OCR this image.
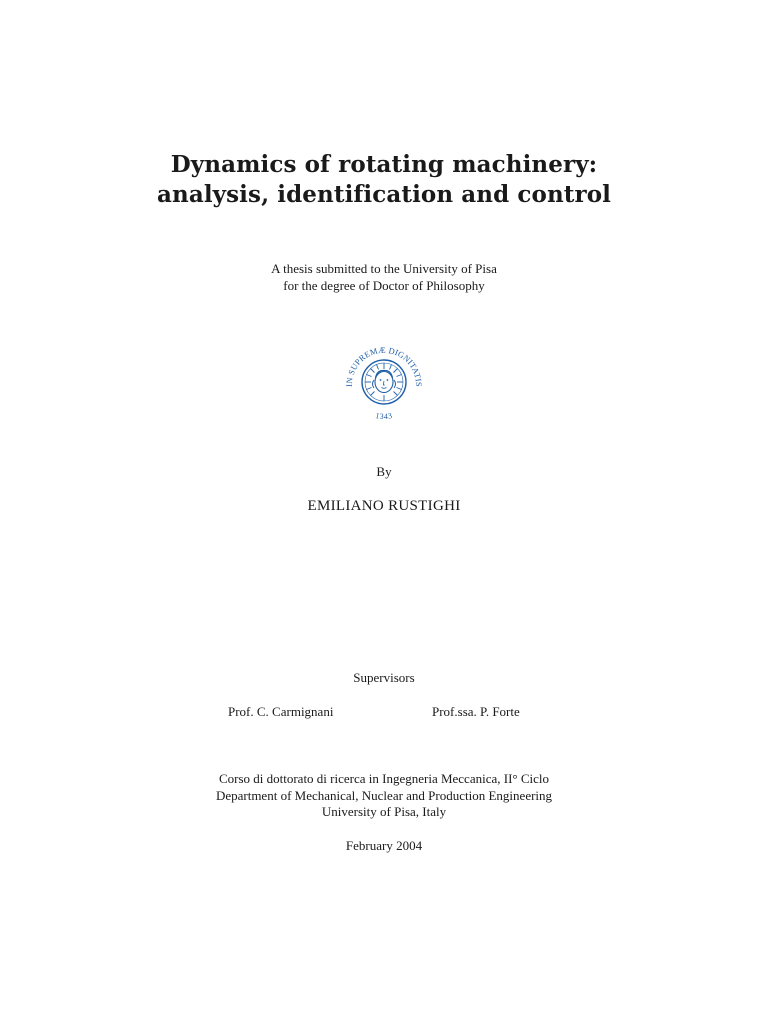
Dynamics of rotating machinery:
analysis, identification and control
A thesis submitted to the University of Pisa
for the degree of Doctor of Philosophy
IN SUPREMÆ DIGNITATIS
1343
By
EMILIANO RUSTIGHI
Supervisors
Prof. C. Carmignani	Prof.ssa. P. Forte
Corso di dottorato di ricerca in Ingegneria Meccanica, II° Ciclo
Department of Mechanical, Nuclear and Production Engineering
University of Pisa, Italy
February 2004
